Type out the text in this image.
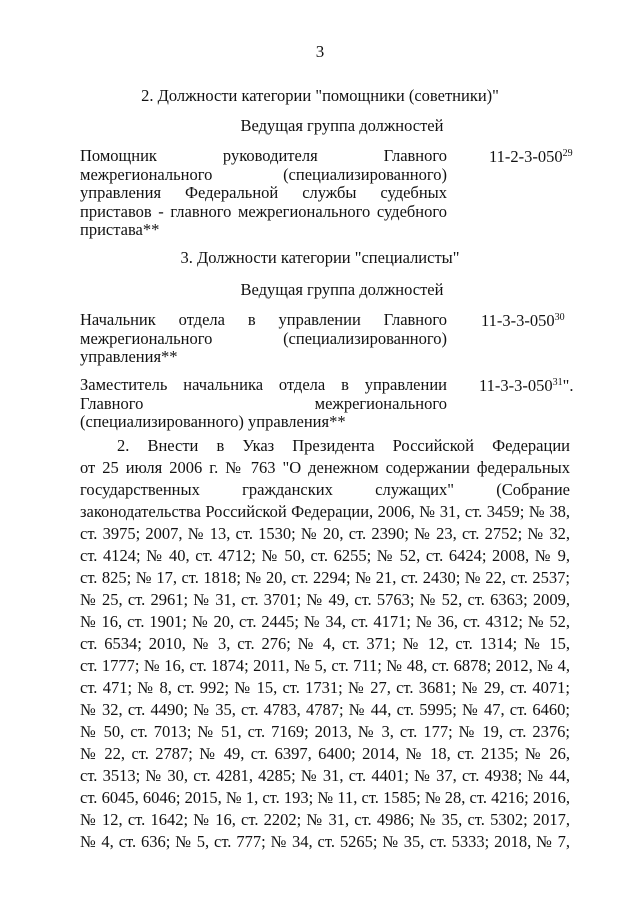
3
2. Должности категории "помощники (советники)"
Ведущая группа должностей
Помощник руководителя Главного межрегионального (специализированного) управления Федеральной службы судебных приставов - главного межрегионального судебного пристава**
$11-2-3-050^{29}$
3. Должности категории "специалисты"
Ведущая группа должностей
Начальник отдела в управлении Главного межрегионального (специализированного) управления**
$11-3-3-050^{30}$
Заместитель начальника отдела в управлении Главного межрегионального (специализированного) управления**
$11-3-3-050^{31}$".
2. Внести в Указ Президента Российской Федерации
от 25 июля 2006 г. № 763 "О денежном содержании федеральных
государственных гражданских служащих" (Собрание
законодательства Российской Федерации, 2006, № 31, ст. 3459; № 38,
ст. 3975; 2007, № 13, ст. 1530; № 20, ст. 2390; № 23, ст. 2752; № 32,
ст. 4124; № 40, ст. 4712; № 50, ст. 6255; № 52, ст. 6424; 2008, № 9,
ст. 825; № 17, ст. 1818; № 20, ст. 2294; № 21, ст. 2430; № 22, ст. 2537;
№ 25, ст. 2961; № 31, ст. 3701; № 49, ст. 5763; № 52, ст. 6363; 2009,
№ 16, ст. 1901; № 20, ст. 2445; № 34, ст. 4171; № 36, ст. 4312; № 52,
ст. 6534; 2010, № 3, ст. 276; № 4, ст. 371; № 12, ст. 1314; № 15,
ст. 1777; № 16, ст. 1874; 2011, № 5, ст. 711; № 48, ст. 6878; 2012, № 4,
ст. 471; № 8, ст. 992; № 15, ст. 1731; № 27, ст. 3681; № 29, ст. 4071;
№ 32, ст. 4490; № 35, ст. 4783, 4787; № 44, ст. 5995; № 47, ст. 6460;
№ 50, ст. 7013; № 51, ст. 7169; 2013, № 3, ст. 177; № 19, ст. 2376;
№ 22, ст. 2787; № 49, ст. 6397, 6400; 2014, № 18, ст. 2135; № 26,
ст. 3513; № 30, ст. 4281, 4285; № 31, ст. 4401; № 37, ст. 4938; № 44,
ст. 6045, 6046; 2015, № 1, ст. 193; № 11, ст. 1585; № 28, ст. 4216; 2016,
№ 12, ст. 1642; № 16, ст. 2202; № 31, ст. 4986; № 35, ст. 5302; 2017,
№ 4, ст. 636; № 5, ст. 777; № 34, ст. 5265; № 35, ст. 5333; 2018, № 7,
